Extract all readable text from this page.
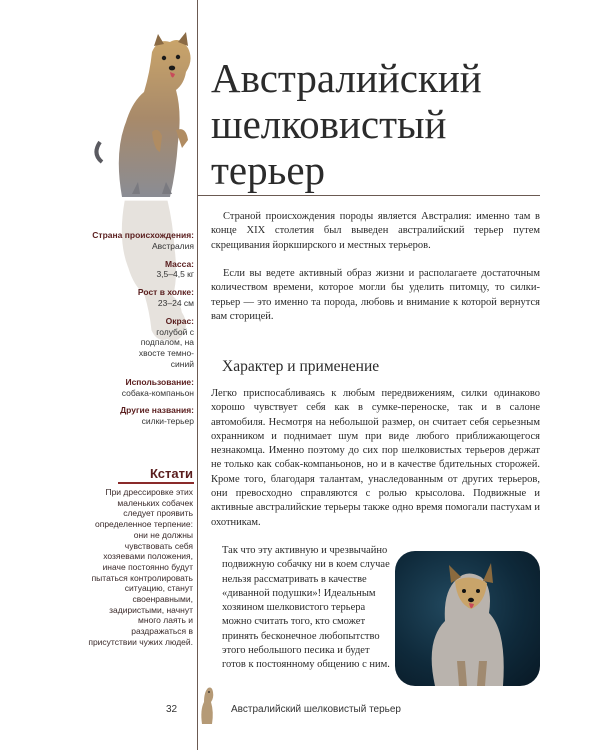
Австралийский шелковистый терьер
Страна происхождения:
Австралия
Масса:
3,5–4,5 кг
Рост в холке:
23–24 см
Окрас:
голубой с подпалом, на хвосте темно-синий
Использование:
собака-компаньон
Другие названия:
силки-терьер
Кстати
При дрессировке этих маленьких собачек следует проявить определенное терпение: они не должны чувствовать себя хозяевами положения, иначе постоянно будут пытаться контролировать ситуацию, станут своенравными, задиристыми, начнут много лаять и раздражаться в присутствии чужих людей.

Страной происхождения породы является Австралия: именно там в конце XIX столетия был выведен австралийский терьер путем скрещивания йоркширского и местных терьеров.

Если вы ведете активный образ жизни и располагаете достаточным количеством времени, которое могли бы уделить питомцу, то силки-терьер — это именно та порода, любовь и внимание к которой вернутся вам сторицей.

Характер и применение

Легко приспосабливаясь к любым передвижениям, силки одинаково хорошо чувствует себя как в сумке-переноске, так и в салоне автомобиля. Несмотря на небольшой размер, он считает себя серьезным охранником и поднимает шум при виде любого приближающегося незнакомца. Именно поэтому до сих пор шелковистых терьеров держат не только как собак-компаньонов, но и в качестве бдительных сторожей. Кроме того, благодаря талантам, унаследованным от других терьеров, они превосходно справляются с ролью крысолова. Подвижные и активные австралийские терьеры также одно время помогали пастухам и охотникам.

Так что эту активную и чрезвычайно подвижную собачку ни в коем случае нельзя рассматривать в качестве «диванной подушки»! Идеальным хозяином шелковистого терьера можно считать того, кто сможет принять бесконечное любопытство этого небольшого песика и будет готов к постоянному общению с ним.

32	Австралийский шелковистый терьер
